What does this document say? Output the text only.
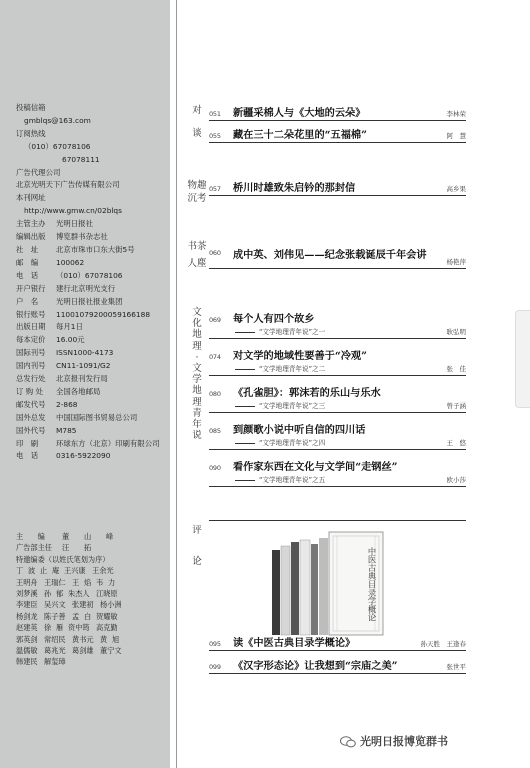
投稿信箱
gmblqs@163.com
订阅热线
（010）67078106
67078111
广告代理公司
北京光明天下广告传媒有限公司
本刊网址
http://www.gmw.cn/02blqs
主管主办	光明日报社
编辑出版	博览群书杂志社
社　址	北京市珠市口东大街5号
邮　编	100062
电　话	（010）67078106
开户银行	建行北京明光支行
户　名	光明日报社报业集团
银行账号	11001079200059166188
出版日期	每月1日
每本定价	16.00元
国际刊号	ISSN1000-4173
国内刊号	CN11-1091/G2
总发行处	北京报刊发行局
订 购 处	全国各地邮局
邮发代号	2-868
国外总发	中国国际图书贸易总公司
国外代号	M785
印　刷	环球东方（北京）印刷有限公司
电　话	0316-5922090
主　　编	董 山 峰
广告部主任 汪 拓
特邀编委（以姓氏笔划为序）
丁 波 止 庵 王兴康 王余光
王明舟 王瑞仁 王 焰 韦 力
刘梦溪 孙 郁 朱杰人 江晓原
李建臣 吴兴文 张建初 杨小洲
杨剑龙 陈子善 孟 白 贺耀敏
赵建英 徐 雁 资中筠 高克勤
郭英剑 常绍民 黄书元 黄 旭
温儒敏 葛兆光 葛剑雄 董宁文
韩建民 解玺璋
对
谈
051	新疆采棉人与《大地的云朵》	李林荣
055	藏在三十二朵花里的“五福棉”	阿　慧
物趣
沉考
057	桥川时雄致朱启钤的那封信	高乡果
书茶
人塵
060	成中英、刘伟见——纪念张载诞辰千年会讲
杨艳萍
文
化
地
理
·
文
学
地
理
青
年
说
069	每个人有四个故乡
“文学地理青年说”之一	耿弘明
074	对文学的地域性要善于“冷观”
“文学地理青年说”之二	张　佳
080	《孔雀胆》：郭沫若的乐山与乐水
“文学地理青年说”之三	曾子涵
085	到颜歌小说中听自信的四川话
“文学地理青年说”之四	王　悠
090	看作家东西在文化与文学间“走钢丝”
“文学地理青年说”之五	欧小莎
评
论
095	读《中医古典目录学概论》	孙天胜　王逢春
099	《汉字形态论》让我想到“宗庙之美”	张世平
中医古典目录学概论
光明日报博览群书
